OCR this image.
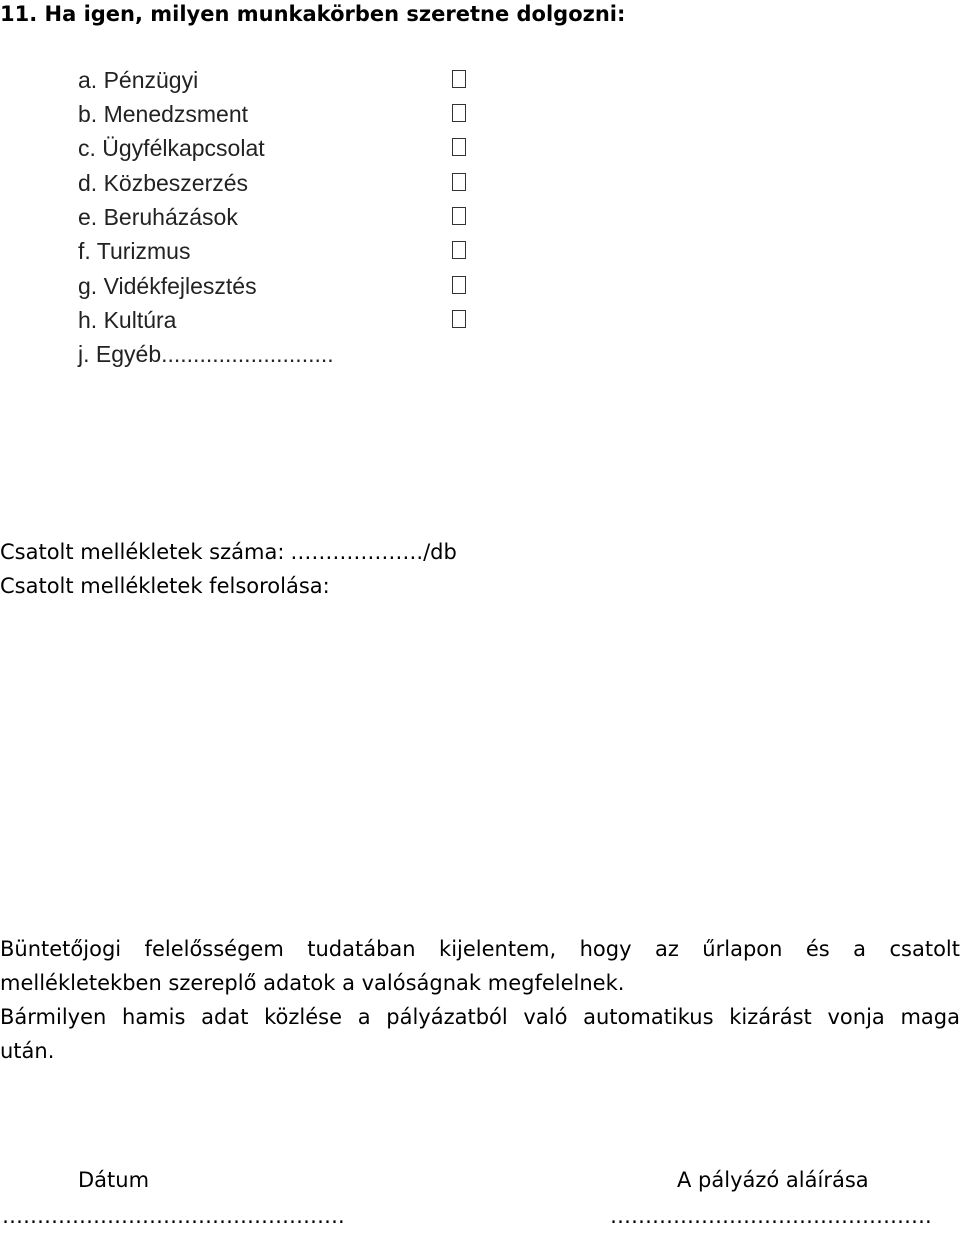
11. Ha igen, milyen munkakörben szeretne dolgozni:
a. Pénzügyi
b. Menedzsment
c. Ügyfélkapcsolat
d. Közbeszerzés
e. Beruházások
f. Turizmus
g. Vidékfejlesztés
h. Kultúra
j. Egyéb...........................
Csatolt mellékletek száma: ………………./db
Csatolt mellékletek felsorolása:
Büntetőjogi felelősségem tudatában kijelentem, hogy az űrlapon és a csatolt
mellékletekben szereplő adatok a valóságnak megfelelnek.
Bármilyen hamis adat közlése a pályázatból való automatikus kizárást vonja maga
után.
Dátum	A pályázó aláírása
………………………………………….	……………………………………….
